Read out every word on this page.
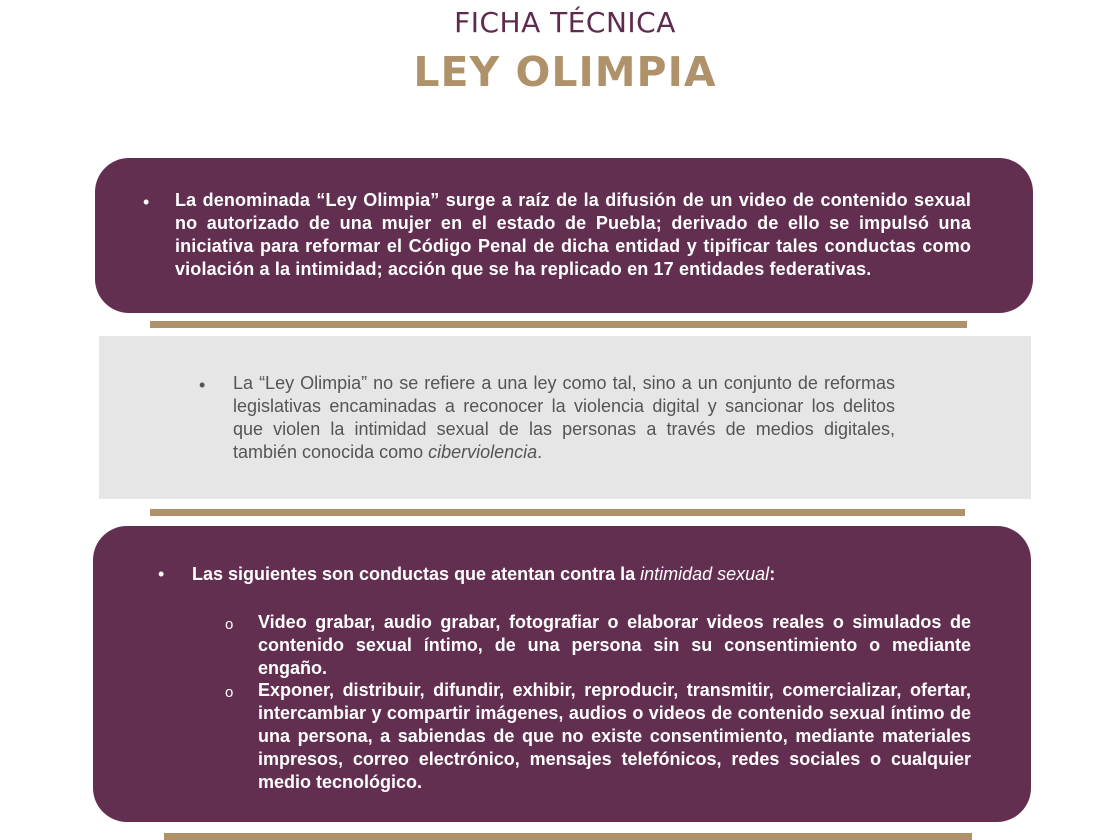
FICHA TÉCNICA
LEY OLIMPIA
• La denominada “Ley Olimpia” surge a raíz de la difusión de un video de contenido sexual no autorizado de una mujer en el estado de Puebla; derivado de ello se impulsó una iniciativa para reformar el Código Penal de dicha entidad y tipificar tales conductas como violación a la intimidad; acción que se ha replicado en 17 entidades federativas.
• La “Ley Olimpia” no se refiere a una ley como tal, sino a un conjunto de reformas legislativas encaminadas a reconocer la violencia digital y sancionar los delitos que violen la intimidad sexual de las personas a través de medios digitales, también conocida como ciberviolencia.
• Las siguientes son conductas que atentan contra la intimidad sexual:
o Video grabar, audio grabar, fotografiar o elaborar videos reales o simulados de contenido sexual íntimo, de una persona sin su consentimiento o mediante engaño.
o Exponer, distribuir, difundir, exhibir, reproducir, transmitir, comercializar, ofertar, intercambiar y compartir imágenes, audios o videos de contenido sexual íntimo de una persona, a sabiendas de que no existe consentimiento, mediante materiales impresos, correo electrónico, mensajes telefónicos, redes sociales o cualquier medio tecnológico.
